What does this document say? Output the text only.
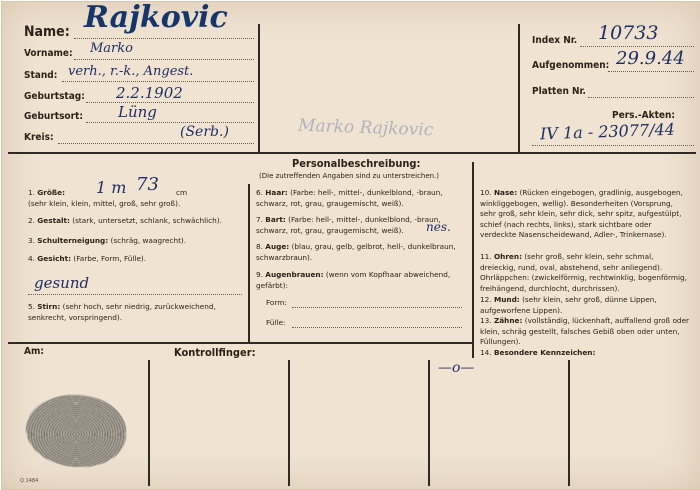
Name: Rajkovic
Vorname: Marko
Stand: verh., r.-k., Angest.
Geburtstag: 2.2.1902
Geburtsort: Lüng
Kreis:	(Serb.)	Marko Rajkovic
Index Nr. 10733
Aufgenommen: 29.9.44
Platten Nr.
Pers.-Akten:
IV 1a - 23077/44
Personalbeschreibung:
(Die zutreffenden Angaben sind zu unterstreichen.)
1. Größe:	cm

(sehr klein, klein, mittel, groß, sehr groß).
1 m 73
2. Gestalt: (stark, untersetzt, schlank, schwächlich).
3. Schulterneigung: (schräg, waagrecht).
4. Gesicht: (Farbe, Form, Fülle).
gesund
5. Stirn: (sehr hoch, sehr niedrig, zurückweichend, senkrecht, vorspringend).
6. Haar: (Farbe: hell-, mittel-, dunkelblond, -braun, schwarz, rot, grau, graugemischt, weiß).
7. Bart: (Farbe: hell-, mittel-, dunkelblond, -braun, schwarz, rot, grau, graugemischt, weiß).	nes.
8. Auge: (blau, grau, gelb, gelbrot, hell-, dunkelbraun, schwarzbraun).
9. Augenbrauen: (wenn vom Kopfhaar abweichend, gefärbt):
Form:
Fülle:
10. Nase: (Rücken eingebogen, gradlinig, ausgebogen, winkliggebogen, wellig). Besonderheiten (Vorsprung, sehr groß, sehr klein, sehr dick, sehr spitz, aufgestülpt, schief (nach rechts, links), stark sichtbare oder verdeckte Nasenscheidewand, Adler-, Trinkernase).
11. Ohren: (sehr groß, sehr klein, sehr schmal, dreieckig, rund, oval, abstehend, sehr anliegend). Ohrläppchen: (zwickelförmig, rechtwinklig, bogenförmig, freihängend, durchlocht, durchrissen).
12. Mund: (sehr klein, sehr groß, dünne Lippen, aufgeworfene Lippen).
13. Zähne: (vollständig, lückenhaft, auffallend groß oder klein, schräg gestellt, falsches Gebiß oben oder unten, Füllungen).
14. Besondere Kennzeichen:
—o—
Am:	Kontrollfinger:
Q 1484
